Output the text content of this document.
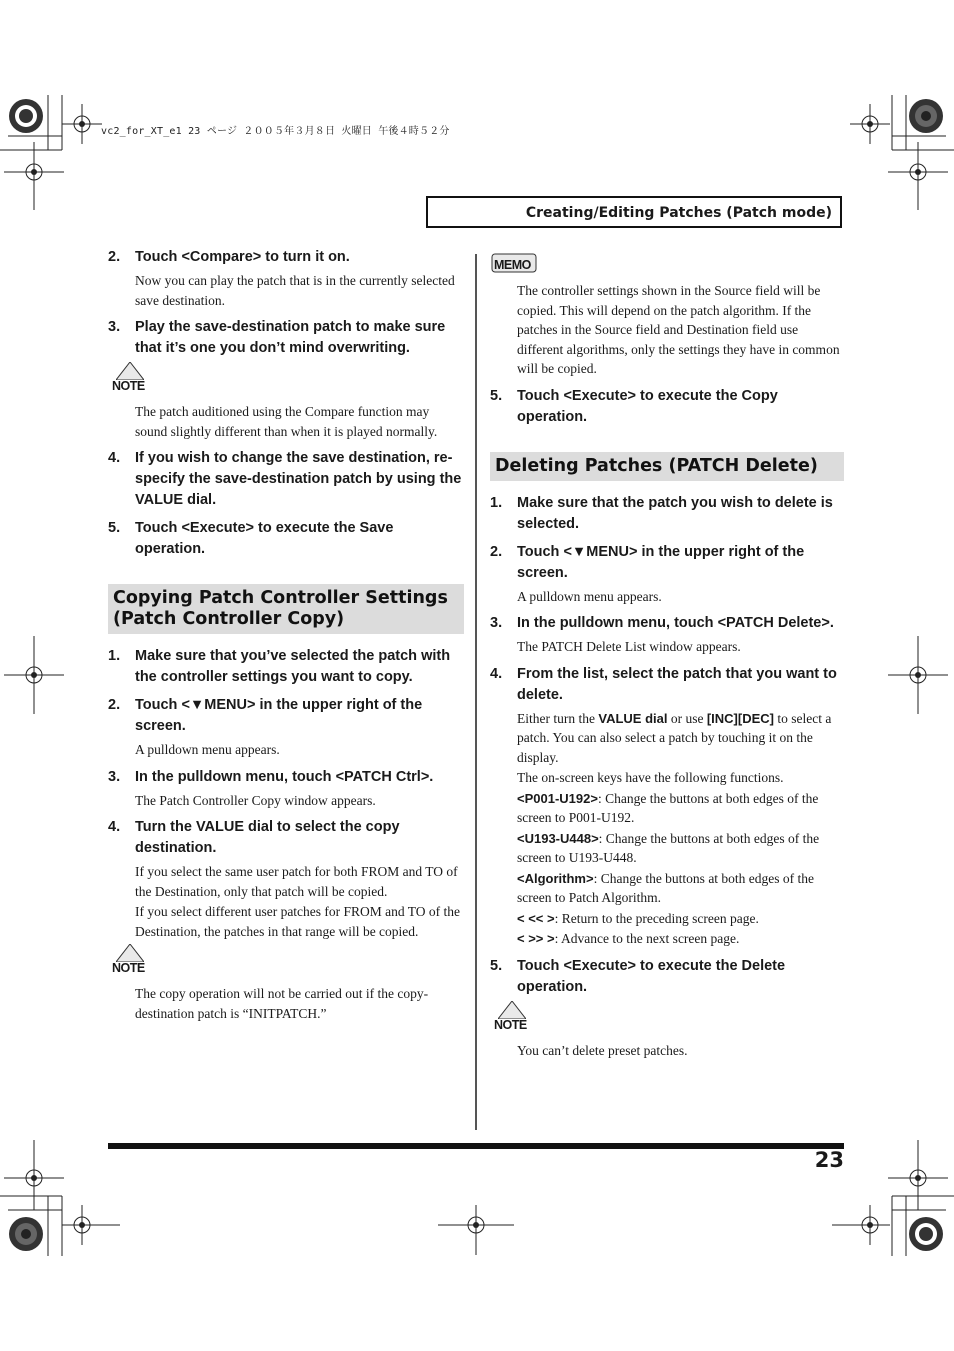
vc2_for_XT_e1 23 ページ ２００５年３月８日 火曜日 午後４時５２分
Creating/Editing Patches (Patch mode)
2. Touch <Compare> to turn it on.
Now you can play the patch that is in the currently selected save destination.
3. Play the save-destination patch to make sure that it’s one you don’t mind overwriting.
NOTE
The patch auditioned using the Compare function may sound slightly different than when it is played normally.
4. If you wish to change the save destination, re-specify the save-destination patch by using the VALUE dial.
5. Touch <Execute> to execute the Save operation.
Copying Patch Controller Settings (Patch Controller Copy)
1. Make sure that you’ve selected the patch with the controller settings you want to copy.
2. Touch <▼MENU> in the upper right of the screen.
A pulldown menu appears.
3. In the pulldown menu, touch <PATCH Ctrl>.
The Patch Controller Copy window appears.
4. Turn the VALUE dial to select the copy destination.
If you select the same user patch for both FROM and TO of the Destination, only that patch will be copied.
If you select different user patches for FROM and TO of the Destination, the patches in that range will be copied.
NOTE
The copy operation will not be carried out if the copy-destination patch is “INITPATCH.”
MEMO
The controller settings shown in the Source field will be copied. This will depend on the patch algorithm. If the patches in the Source field and Destination field use different algorithms, only the settings they have in common will be copied.
5. Touch <Execute> to execute the Copy operation.
Deleting Patches (PATCH Delete)
1. Make sure that the patch you wish to delete is selected.
2. Touch <▼MENU> in the upper right of the screen.
A pulldown menu appears.
3. In the pulldown menu, touch <PATCH Delete>.
The PATCH Delete List window appears.
4. From the list, select the patch that you want to delete.
Either turn the VALUE dial or use [INC][DEC] to select a patch. You can also select a patch by touching it on the display.
The on-screen keys have the following functions.
<P001-U192>: Change the buttons at both edges of the screen to P001-U192.
<U193-U448>: Change the buttons at both edges of the screen to U193-U448.
<Algorithm>: Change the buttons at both edges of the screen to Patch Algorithm.
< << >: Return to the preceding screen page.
< >> >: Advance to the next screen page.
5. Touch <Execute> to execute the Delete operation.
NOTE
You can’t delete preset patches.
23
